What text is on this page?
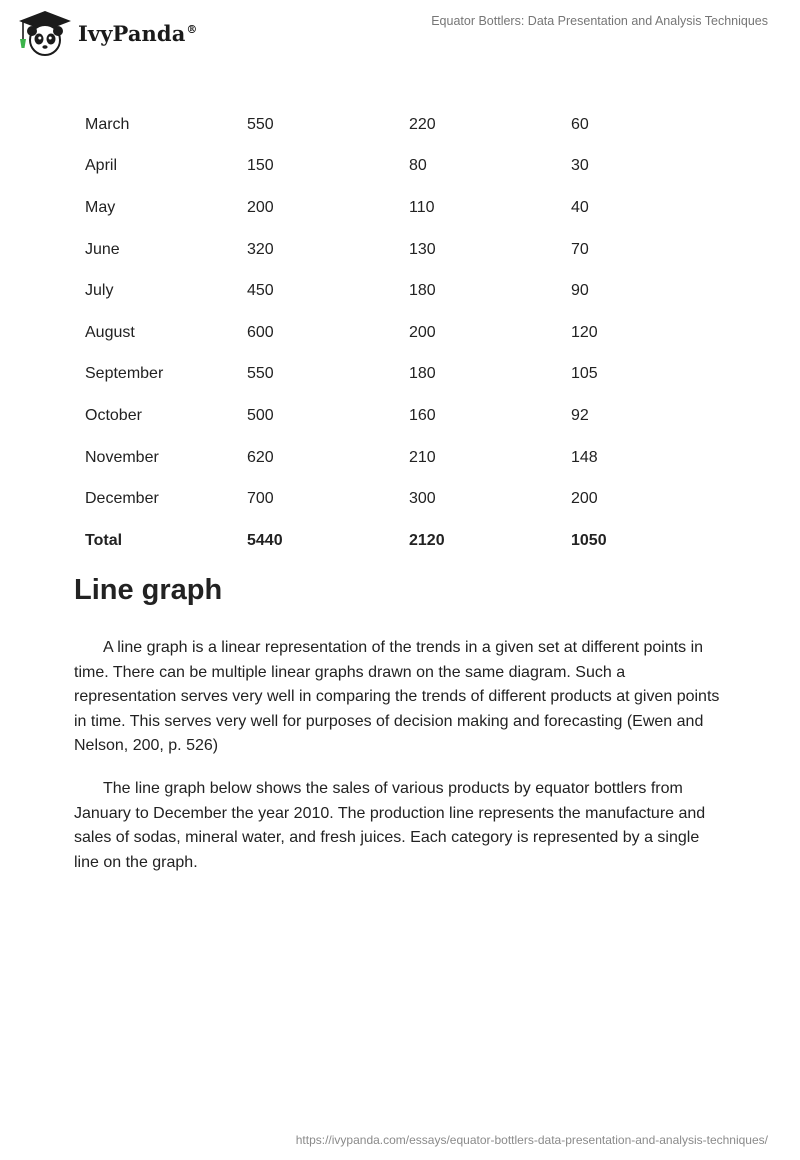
IvyPanda®
Equator Bottlers: Data Presentation and Analysis Techniques
March	550	220	60
April	150	80	30
May	200	110	40
June	320	130	70
July	450	180	90
August	600	200	120
September	550	180	105
October	500	160	92
November	620	210	148
December	700	300	200
Total	5440	2120	1050
Line graph

A line graph is a linear representation of the trends in a given set at different points in time. There can be multiple linear graphs drawn on the same diagram. Such a representation serves very well in comparing the trends of different products at given points in time. This serves very well for purposes of decision making and forecasting (Ewen and Nelson, 200, p. 526)

The line graph below shows the sales of various products by equator bottlers from January to December the year 2010. The production line represents the manufacture and sales of sodas, mineral water, and fresh juices. Each category is represented by a single line on the graph.

https://ivypanda.com/essays/equator-bottlers-data-presentation-and-analysis-techniques/
